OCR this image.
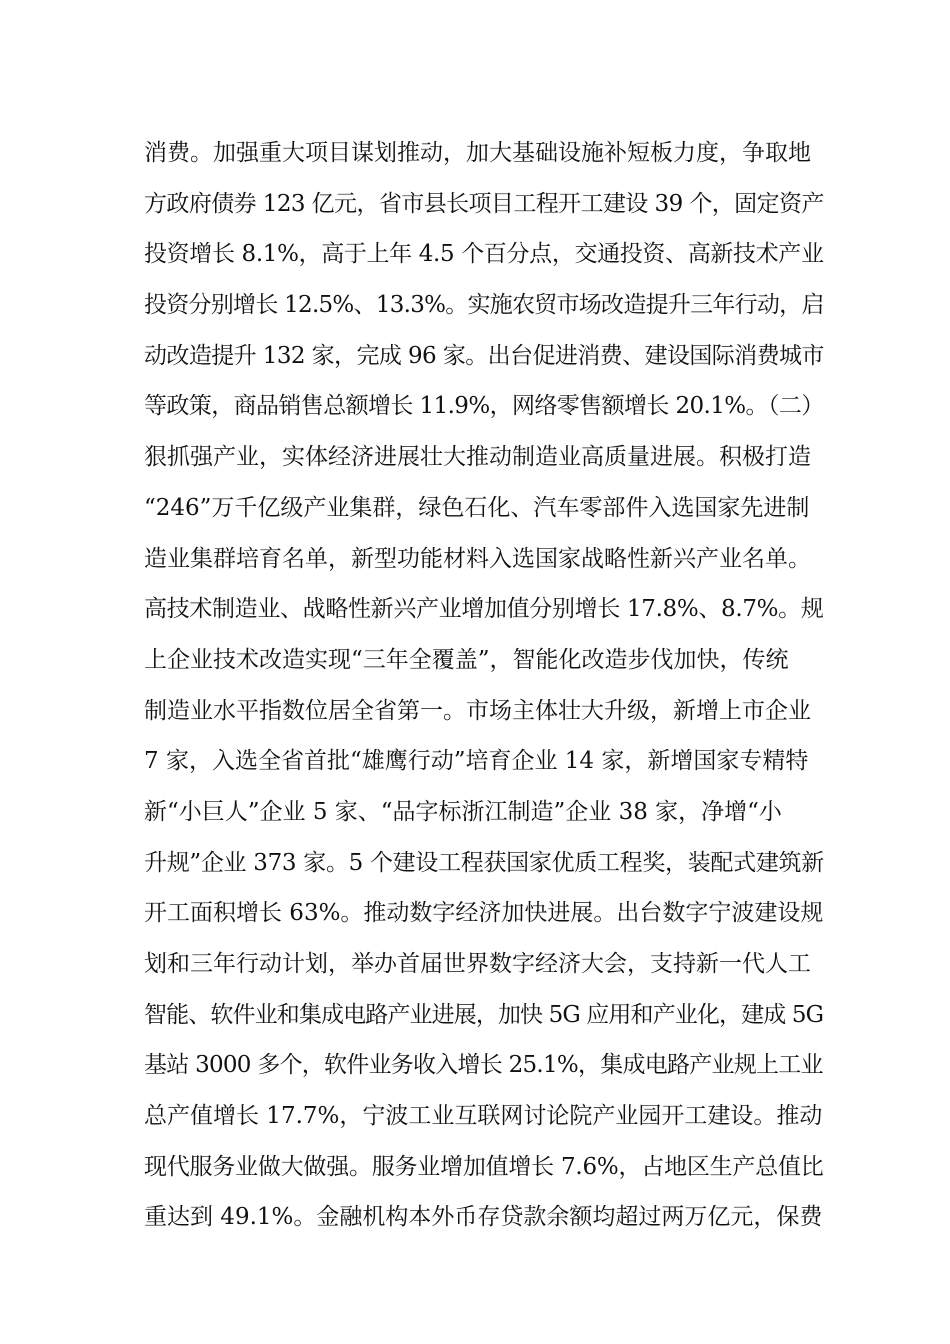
消费。加强重大项目谋划推动，加大基础设施补短板力度，争取地
方政府债券 123 亿元，省市县长项目工程开工建设 39 个，固定资产
投资增长 8.1%，高于上年 4.5 个百分点，交通投资、高新技术产业
投资分别增长 12.5%、13.3%。实施农贸市场改造提升三年行动，启
动改造提升 132 家，完成 96 家。出台促进消费、建设国际消费城市
等政策，商品销售总额增长 11.9%，网络零售额增长 20.1%。（二）
狠抓强产业，实体经济进展壮大推动制造业高质量进展。积极打造
“246”万千亿级产业集群，绿色石化、汽车零部件入选国家先进制
造业集群培育名单，新型功能材料入选国家战略性新兴产业名单。
高技术制造业、战略性新兴产业增加值分别增长 17.8%、8.7%。规
上企业技术改造实现“三年全覆盖”，智能化改造步伐加快，传统
制造业水平指数位居全省第一。市场主体壮大升级，新增上市企业
7 家，入选全省首批“雄鹰行动”培育企业 14 家，新增国家专精特
新“小巨人”企业 5 家、“品字标浙江制造”企业 38 家，净增“小
升规”企业 373 家。5 个建设工程获国家优质工程奖，装配式建筑新
开工面积增长 63%。推动数字经济加快进展。出台数字宁波建设规
划和三年行动计划，举办首届世界数字经济大会，支持新一代人工
智能、软件业和集成电路产业进展，加快 5G 应用和产业化，建成 5G
基站 3000 多个，软件业务收入增长 25.1%，集成电路产业规上工业
总产值增长 17.7%，宁波工业互联网讨论院产业园开工建设。推动
现代服务业做大做强。服务业增加值增长 7.6%，占地区生产总值比
重达到 49.1%。金融机构本外币存贷款余额均超过两万亿元，保费
